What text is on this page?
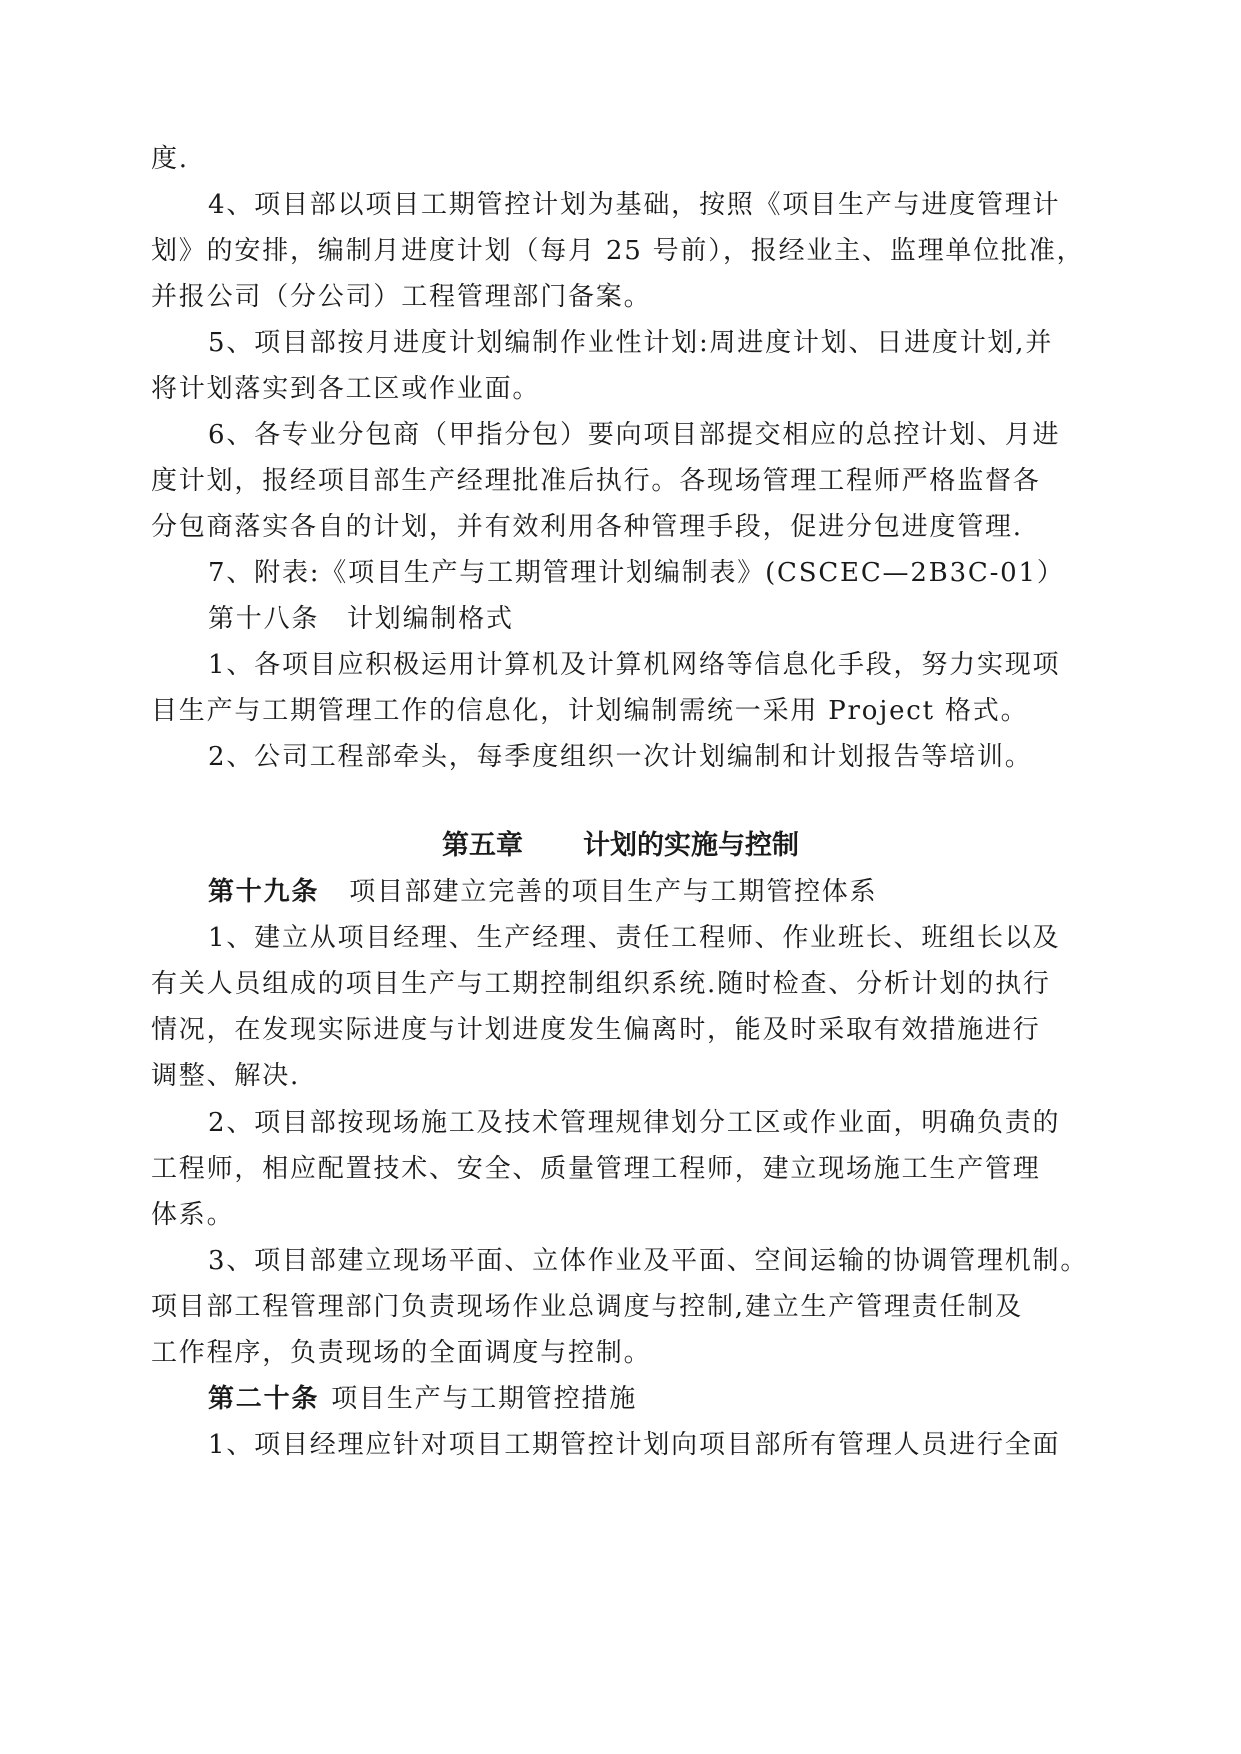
度.
4、项目部以项目工期管控计划为基础，按照《项目生产与进度管理计
划》的安排，编制月进度计划（每月 25 号前），报经业主、监理单位批准，
并报公司（分公司）工程管理部门备案。
5、项目部按月进度计划编制作业性计划:周进度计划、日进度计划,并
将计划落实到各工区或作业面。
6、各专业分包商（甲指分包）要向项目部提交相应的总控计划、月进
度计划，报经项目部生产经理批准后执行。各现场管理工程师严格监督各
分包商落实各自的计划，并有效利用各种管理手段，促进分包进度管理.
7、附表:《项目生产与工期管理计划编制表》(CSCEC—2B3C-01）
第十八条　计划编制格式
1、各项目应积极运用计算机及计算机网络等信息化手段，努力实现项
目生产与工期管理工作的信息化，计划编制需统一采用 Project 格式。
2、公司工程部牵头，每季度组织一次计划编制和计划报告等培训。
第五章 计划的实施与控制
第十九条 项目部建立完善的项目生产与工期管控体系
1、建立从项目经理、生产经理、责任工程师、作业班长、班组长以及
有关人员组成的项目生产与工期控制组织系统.随时检查、分析计划的执行
情况，在发现实际进度与计划进度发生偏离时，能及时采取有效措施进行
调整、解决.
2、项目部按现场施工及技术管理规律划分工区或作业面，明确负责的
工程师，相应配置技术、安全、质量管理工程师，建立现场施工生产管理
体系。
3、项目部建立现场平面、立体作业及平面、空间运输的协调管理机制。
项目部工程管理部门负责现场作业总调度与控制,建立生产管理责任制及
工作程序，负责现场的全面调度与控制。
第二十条 项目生产与工期管控措施
1、项目经理应针对项目工期管控计划向项目部所有管理人员进行全面
